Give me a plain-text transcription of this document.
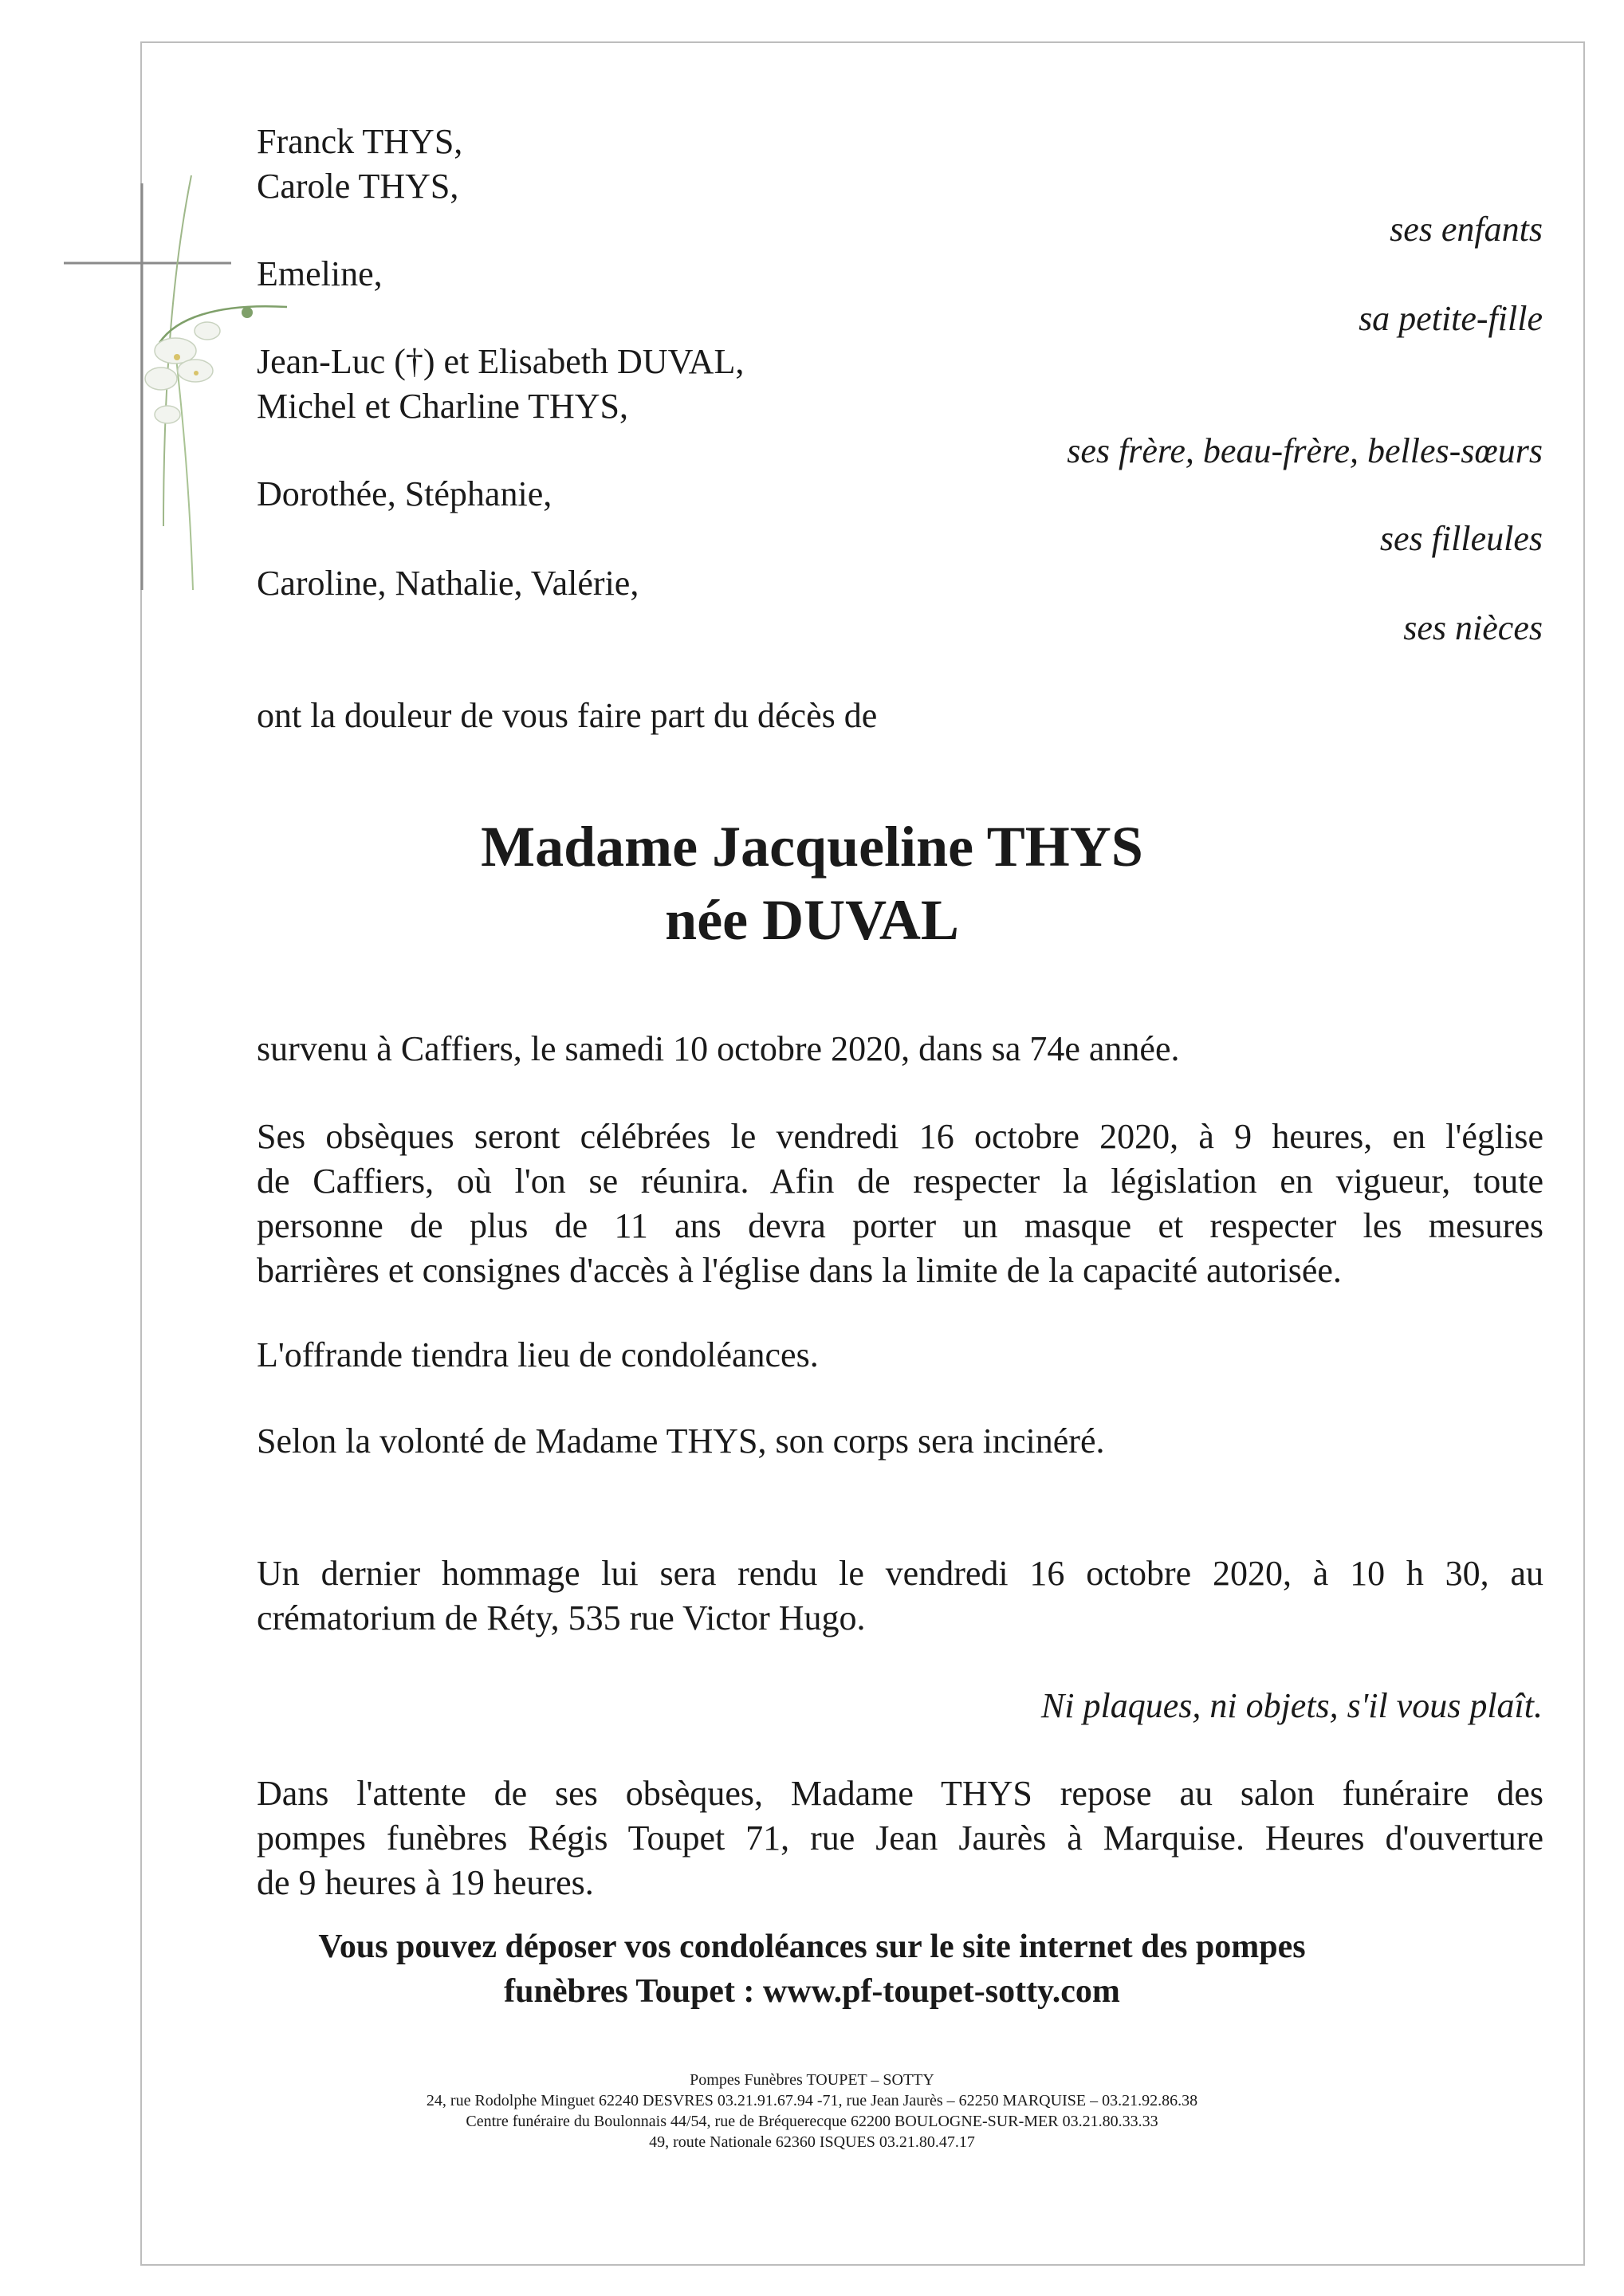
Franck THYS,
Carole THYS,
Emeline,
Jean-Luc (†) et Elisabeth DUVAL,
Michel et Charline THYS,
Dorothée, Stéphanie,
Caroline, Nathalie, Valérie,
ses enfants
sa petite-fille
ses frère, beau-frère, belles-sœurs
ses filleules
ses nièces
ont la douleur de vous faire part du décès de
Madame Jacqueline THYS
née DUVAL
survenu à Caffiers, le samedi 10 octobre 2020, dans sa 74e année.
Ses obsèques seront célébrées le vendredi 16 octobre 2020, à 9 heures, en l'église
de Caffiers, où l'on se réunira. Afin de respecter la législation en vigueur, toute
personne de plus de 11 ans devra porter un masque et respecter les mesures
barrières et consignes d'accès à l'église dans la limite de la capacité autorisée.
L'offrande tiendra lieu de condoléances.
Selon la volonté de Madame THYS, son corps sera incinéré.
Un dernier hommage lui sera rendu le vendredi 16 octobre 2020, à 10 h 30, au
crématorium de Réty, 535 rue Victor Hugo.
Ni plaques, ni objets, s'il vous plaît.
Dans l'attente de ses obsèques, Madame THYS repose au salon funéraire des
pompes funèbres Régis Toupet 71, rue Jean Jaurès à Marquise. Heures d'ouverture
de 9 heures à 19 heures.
Vous pouvez déposer vos condoléances sur le site internet des pompes
funèbres Toupet : www.pf-toupet-sotty.com
Pompes Funèbres TOUPET – SOTTY
24, rue Rodolphe Minguet 62240 DESVRES 03.21.91.67.94 -71, rue Jean Jaurès – 62250 MARQUISE – 03.21.92.86.38
Centre funéraire du Boulonnais 44/54, rue de Bréquerecque 62200 BOULOGNE-SUR-MER 03.21.80.33.33
49, route Nationale 62360 ISQUES 03.21.80.47.17
